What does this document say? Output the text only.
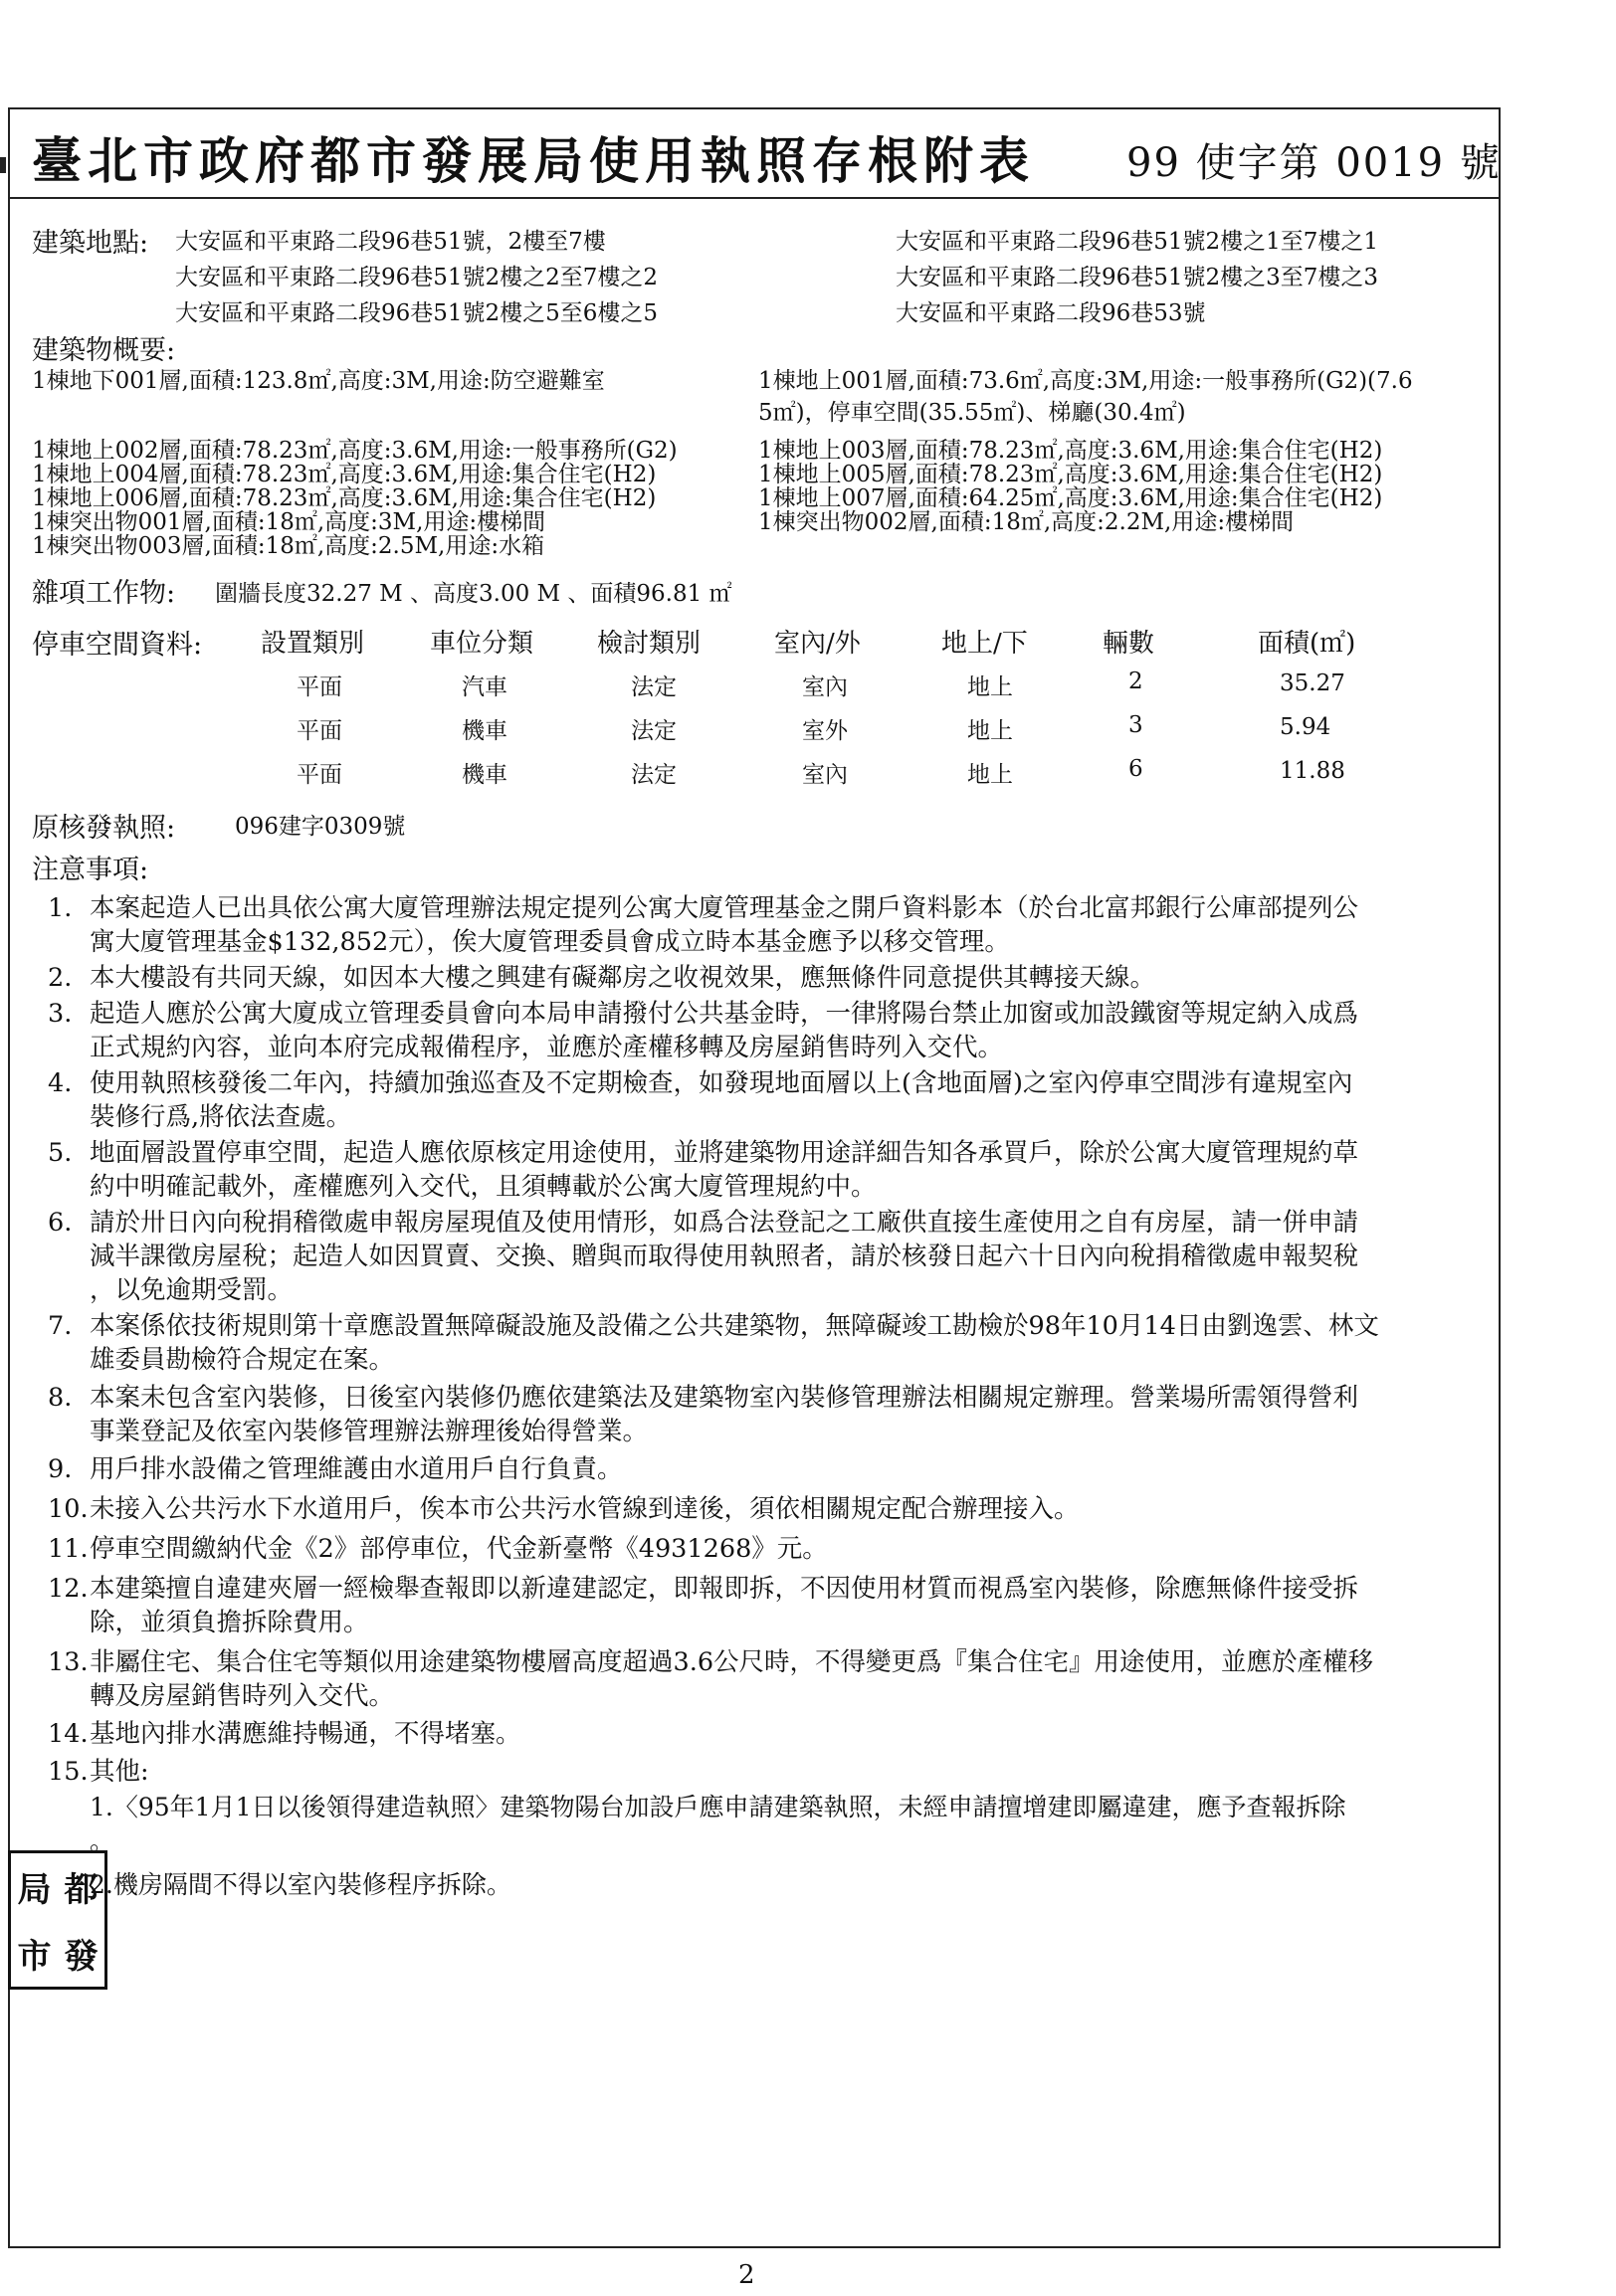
臺北市政府都市發展局使用執照存根附表 99 使字第 0019 號
建築地點: 大安區和平東路二段96巷51號，2樓至7樓
大安區和平東路二段96巷51號2樓之2至7樓之2
大安區和平東路二段96巷51號2樓之5至6樓之5
大安區和平東路二段96巷51號2樓之1至7樓之1
大安區和平東路二段96巷51號2樓之3至7樓之3
大安區和平東路二段96巷53號
建築物概要:
1棟地下001層,面積:123.8㎡,高度:3M,用途:防空避難室
1棟地上002層,面積:78.23㎡,高度:3.6M,用途:一般事務所(G2)
1棟地上004層,面積:78.23㎡,高度:3.6M,用途:集合住宅(H2)
1棟地上006層,面積:78.23㎡,高度:3.6M,用途:集合住宅(H2)
1棟突出物001層,面積:18㎡,高度:3M,用途:樓梯間
1棟突出物003層,面積:18㎡,高度:2.5M,用途:水箱
1棟地上001層,面積:73.6㎡,高度:3M,用途:一般事務所(G2)(7.6
5㎡)，停車空間(35.55㎡)、梯廳(30.4㎡)
1棟地上003層,面積:78.23㎡,高度:3.6M,用途:集合住宅(H2)
1棟地上005層,面積:78.23㎡,高度:3.6M,用途:集合住宅(H2)
1棟地上007層,面積:64.25㎡,高度:3.6M,用途:集合住宅(H2)
1棟突出物002層,面積:18㎡,高度:2.2M,用途:樓梯間
雜項工作物: 圍牆長度32.27 M 、高度3.00 M 、面積96.81 ㎡
停車空間資料: 設置類別	車位分類 檢討類別	室內/外	地上/下	輛數	面積(㎡)
平面	汽車	法定	室內	地上	2	35.27
平面	機車	法定	室外	地上	3	5.94
平面	機車	法定	室內	地上	6	11.88
原核發執照:	096建字0309號
注意事項:
1. 本案起造人已出具依公寓大廈管理辦法規定提列公寓大廈管理基金之開戶資料影本（於台北富邦銀行公庫部提列公
寓大廈管理基金$132,852元），俟大廈管理委員會成立時本基金應予以移交管理。
2. 本大樓設有共同天線，如因本大樓之興建有礙鄰房之收視效果，應無條件同意提供其轉接天線。
3. 起造人應於公寓大廈成立管理委員會向本局申請撥付公共基金時，一律將陽台禁止加窗或加設鐵窗等規定納入成爲
正式規約內容，並向本府完成報備程序，並應於產權移轉及房屋銷售時列入交代。
4. 使用執照核發後二年內，持續加強巡查及不定期檢查，如發現地面層以上(含地面層)之室內停車空間涉有違規室內
裝修行爲,將依法查處。
5. 地面層設置停車空間，起造人應依原核定用途使用，並將建築物用途詳細告知各承買戶，除於公寓大廈管理規約草
約中明確記載外，產權應列入交代，且須轉載於公寓大廈管理規約中。
6. 請於卅日內向稅捐稽徵處申報房屋現值及使用情形，如爲合法登記之工廠供直接生產使用之自有房屋，請一併申請
減半課徵房屋稅；起造人如因買賣、交換、贈與而取得使用執照者，請於核發日起六十日內向稅捐稽徵處申報契稅
，以免逾期受罰。
7. 本案係依技術規則第十章應設置無障礙設施及設備之公共建築物，無障礙竣工勘檢於98年10月14日由劉逸雲、林文
雄委員勘檢符合規定在案。
8. 本案未包含室內裝修，日後室內裝修仍應依建築法及建築物室內裝修管理辦法相關規定辦理。營業場所需領得營利
事業登記及依室內裝修管理辦法辦理後始得營業。
9. 用戶排水設備之管理維護由水道用戶自行負責。
10. 未接入公共污水下水道用戶，俟本市公共污水管線到達後，須依相關規定配合辦理接入。
11. 停車空間繳納代金《2》部停車位，代金新臺幣《4931268》元。
12. 本建築擅自違建夾層一經檢舉查報即以新違建認定，即報即拆，不因使用材質而視爲室內裝修，除應無條件接受拆
除，並須負擔拆除費用。
13. 非屬住宅、集合住宅等類似用途建築物樓層高度超過3.6公尺時，不得變更爲『集合住宅』用途使用，並應於產權移
轉及房屋銷售時列入交代。
14. 基地內排水溝應維持暢通，不得堵塞。
15. 其他:
1.〈95年1月1日以後領得建造執照〉建築物陽台加設戶應申請建築執照，未經申請擅增建即屬違建，應予查報拆除
。
2.機房隔間不得以室內裝修程序拆除。
局 都
市 發
2
